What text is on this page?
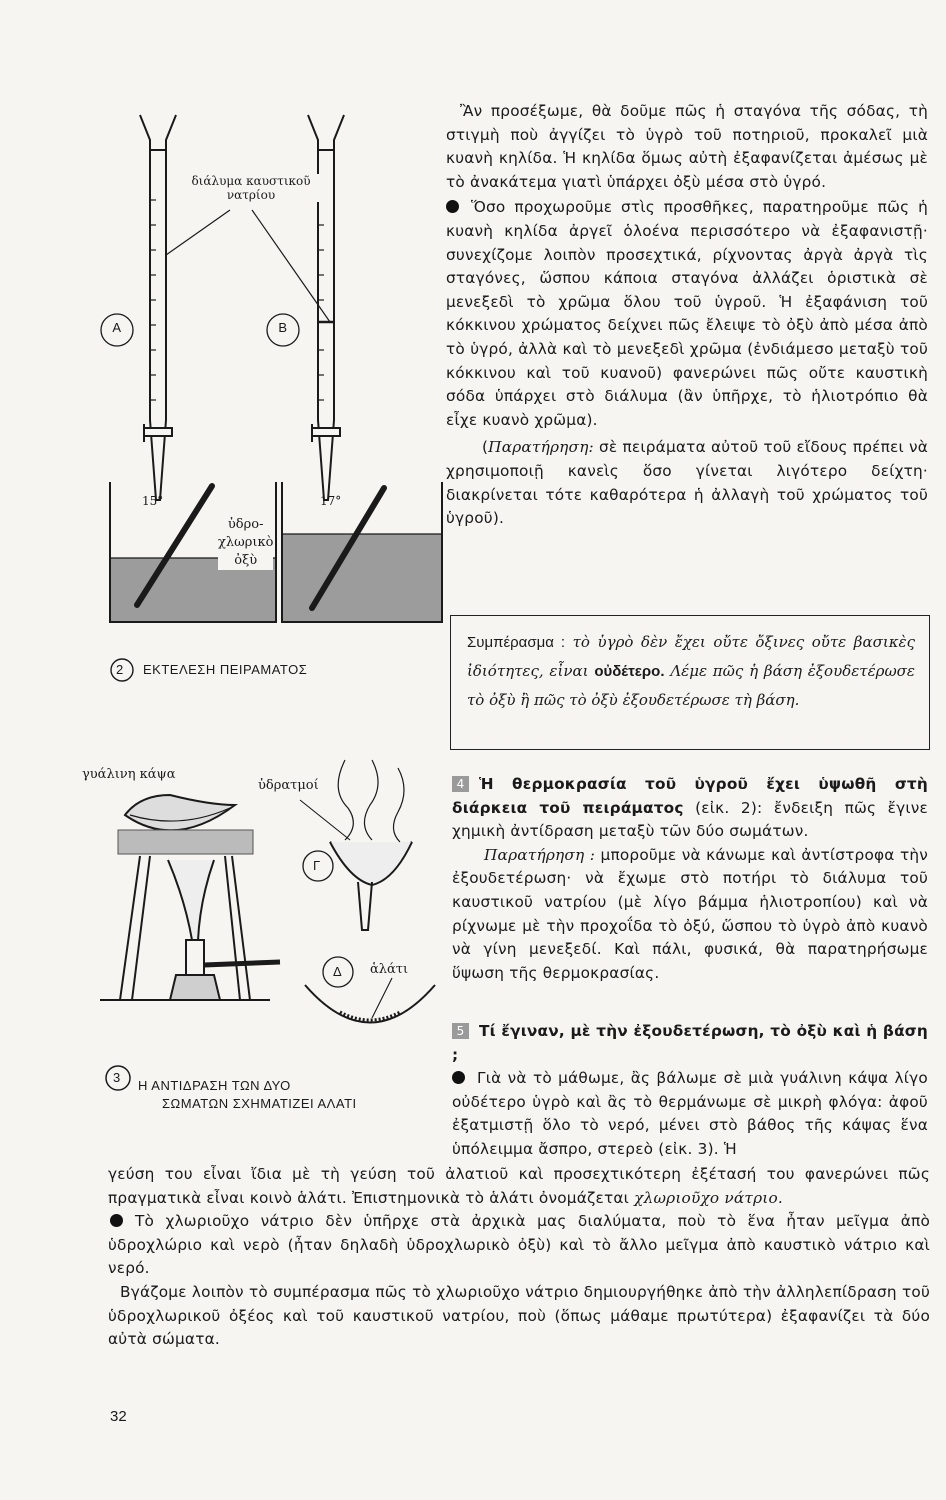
διάλυμα καυστικοῦ
νατρίου
A	B
15°	17°
ὑδρο-
χλωρικὸ
ὀξὺ
2 ΕΚΤΕΛΕΣΗ ΠΕΙΡΑΜΑΤΟΣ
γυάλινη κάψα
ὑδρατμοί
Γ
Δ ἁλάτι
3
Η ΑΝΤΙΔΡΑΣΗ ΤΩΝ ΔΥΟ
ΣΩΜΑΤΩΝ ΣΧΗΜΑΤΙΖΕΙ ΑΛΑΤΙ

Ἂν προσέξωμε, θὰ δοῦμε πῶς ἡ σταγόνα τῆς σόδας, τὴ στιγμὴ ποὺ ἀγγίζει τὸ ὑγρὸ τοῦ ποτηριοῦ, προκαλεῖ μιὰ κυανὴ κηλίδα. Ἡ κηλίδα ὅμως αὐτὴ ἐξαφανίζεται ἀμέσως μὲ τὸ ἀνακάτεμα γιατὶ ὑπάρχει ὀξὺ μέσα στὸ ὑγρό.

Ὅσο προχωροῦμε στὶς προσθῆκες, παρατηροῦμε πῶς ἡ κυανὴ κηλίδα ἀργεῖ ὁλοένα περισσότερο νὰ ἐξαφανιστῇ· συνεχίζομε λοιπὸν προσεχτικά, ρίχνοντας ἀργὰ ἀργὰ τὶς σταγόνες, ὥσπου κάποια σταγόνα ἀλλάζει ὁριστικὰ σὲ μενεξεδὶ τὸ χρῶμα ὅλου τοῦ ὑγροῦ. Ἡ ἐξαφάνιση τοῦ κόκκινου χρώματος δείχνει πῶς ἔλειψε τὸ ὀξὺ ἀπὸ μέσα ἀπὸ τὸ ὑγρό, ἀλλὰ καὶ τὸ μενεξεδὶ χρῶμα (ἐνδιάμεσο μεταξὺ τοῦ κόκκινου καὶ τοῦ κυανοῦ) φανερώνει πῶς οὔτε καυστικὴ σόδα ὑπάρχει στὸ διάλυμα (ἂν ὑπῆρχε, τὸ ἡλιοτρόπιο θὰ εἶχε κυανὸ χρῶμα).

(Παρατήρηση: σὲ πειράματα αὐτοῦ τοῦ εἴδους πρέπει νὰ χρησιμοποιῇ κανεὶς ὅσο γίνεται λιγότερο δείχτη· διακρίνεται τότε καθαρότερα ἡ ἀλλαγὴ τοῦ χρώματος τοῦ ὑγροῦ).

Συμπέρασμα : τὸ ὑγρὸ δὲν ἔχει οὔτε ὄξινες οὔτε βασικὲς ἰδιότητες, εἶναι οὐδέτερο. Λέμε πῶς ἡ βάση ἐξουδετέρωσε τὸ ὀξὺ ἢ πῶς τὸ ὀξὺ ἐξουδετέρωσε τὴ βάση.

4 Ἡ θερμοκρασία τοῦ ὑγροῦ ἔχει ὑψωθῆ στὴ διάρκεια τοῦ πειράματος (εἰκ. 2): ἔνδειξη πῶς ἔγινε χημικὴ ἀντίδραση μεταξὺ τῶν δύο σωμάτων.

Παρατήρηση : μποροῦμε νὰ κάνωμε καὶ ἀντίστροφα τὴν ἐξουδετέρωση· νὰ ἔχωμε στὸ ποτήρι τὸ διάλυμα τοῦ καυστικοῦ νατρίου (μὲ λίγο βάμμα ἡλιοτροπίου) καὶ νὰ ρίχνωμε μὲ τὴν προχοΐδα τὸ ὀξύ, ὥσπου τὸ ὑγρὸ ἀπὸ κυανὸ νὰ γίνη μενεξεδί. Καὶ πάλι, φυσικά, θὰ παρατηρήσωμε ὕψωση τῆς θερμοκρασίας.

5 Τί ἔγιναν, μὲ τὴν ἐξουδετέρωση, τὸ ὀξὺ καὶ ἡ βάση ;

Γιὰ νὰ τὸ μάθωμε, ἂς βάλωμε σὲ μιὰ γυάλινη κάψα λίγο οὐδέτερο ὑγρὸ καὶ ἂς τὸ θερμάνωμε σὲ μικρὴ φλόγα: ἀφοῦ ἐξατμιστῇ ὅλο τὸ νερό, μένει στὸ βάθος τῆς κάψας ἕνα ὑπόλειμμα ἄσπρο, στερεὸ (εἰκ. 3). Ἡ

γεύση του εἶναι ἴδια μὲ τὴ γεύση τοῦ ἀλατιοῦ καὶ προσεχτικότερη ἐξέτασή του φανερώνει πῶς πραγματικὰ εἶναι κοινὸ ἁλάτι. Ἐπιστημονικὰ τὸ ἁλάτι ὀνομάζεται χλωριοῦχο νάτριο.

Τὸ χλωριοῦχο νάτριο δὲν ὑπῆρχε στὰ ἀρχικὰ μας διαλύματα, ποὺ τὸ ἕνα ἦταν μεῖγμα ἀπὸ ὑδροχλώριο καὶ νερὸ (ἦταν δηλαδὴ ὑδροχλωρικὸ ὀξὺ) καὶ τὸ ἄλλο μεῖγμα ἀπὸ καυστικὸ νάτριο καὶ νερό.

Βγάζομε λοιπὸν τὸ συμπέρασμα πῶς τὸ χλωριοῦχο νάτριο δημιουργήθηκε ἀπὸ τὴν ἀλληλεπίδραση τοῦ ὑδροχλωρικοῦ ὀξέος καὶ τοῦ καυστικοῦ νατρίου, ποὺ (ὅπως μάθαμε πρωτύτερα) ἐξαφανίζει τὰ δύο αὐτὰ σώματα.

32
